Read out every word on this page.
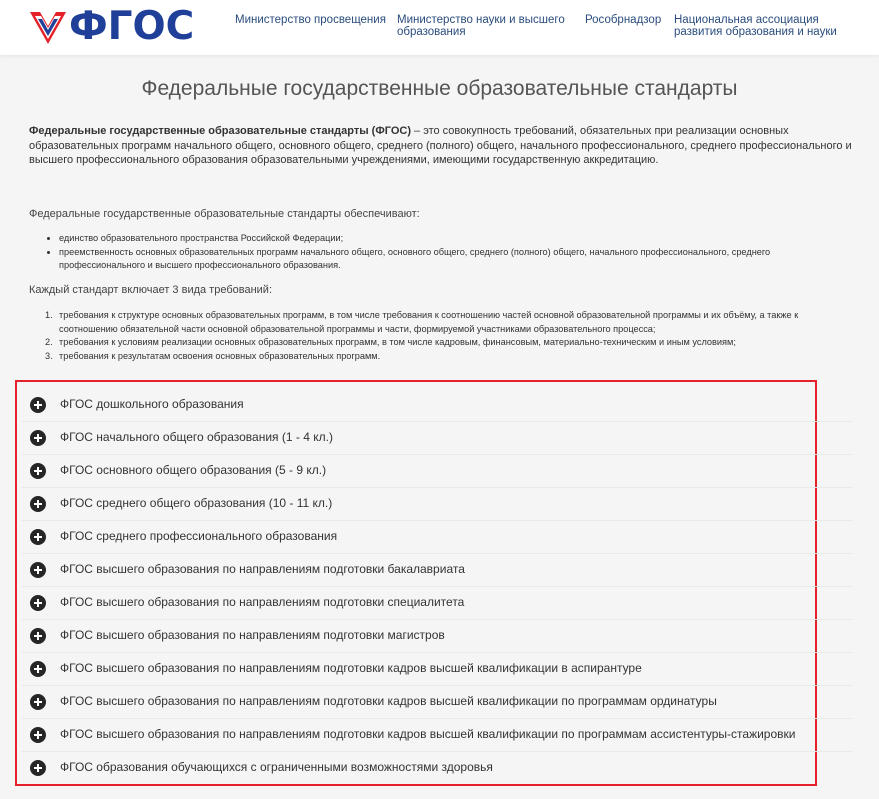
ФГОС	Министерство просвещения Министерство науки и высшего
образования
Рособрнадзор Национальная ассоциация
развития образования и науки
Федеральные государственные образовательные стандарты

Федеральные государственные образовательные стандарты (ФГОС) – это совокупность требований, обязательных при реализации основных образовательных программ начального общего, основного общего, среднего (полного) общего, начального профессионального, среднего профессионального и высшего профессионального образования образовательными учреждениями, имеющими государственную аккредитацию.

Федеральные государственные образовательные стандарты обеспечивают:

единство образовательного пространства Российской Федерации;
преемственность основных образовательных программ начального общего, основного общего, среднего (полного) общего, начального профессионального, среднего профессионального и высшего профессионального образования.

Каждый стандарт включает 3 вида требований:

1. требования к структуре основных образовательных программ, в том числе требования к соотношению частей основной образовательной программы и их объёму, а также к соотношению обязательной части основной образовательной программы и части, формируемой участниками образовательного процесса;
2. требования к условиям реализации основных образовательных программ, в том числе кадровым, финансовым, материально-техническим и иным условиям;
3. требования к результатам освоения основных образовательных программ.
ФГОС дошкольного образования
ФГОС начального общего образования (1 - 4 кл.)
ФГОС основного общего образования (5 - 9 кл.)
ФГОС среднего общего образования (10 - 11 кл.)
ФГОС среднего профессионального образования
ФГОС высшего образования по направлениям подготовки бакалавриата
ФГОС высшего образования по направлениям подготовки специалитета
ФГОС высшего образования по направлениям подготовки магистров
ФГОС высшего образования по направлениям подготовки кадров высшей квалификации в аспирантуре
ФГОС высшего образования по направлениям подготовки кадров высшей квалификации по программам ординатуры
ФГОС высшего образования по направлениям подготовки кадров высшей квалификации по программам ассистентуры-стажировки
ФГОС образования обучающихся с ограниченными возможностями здоровья
